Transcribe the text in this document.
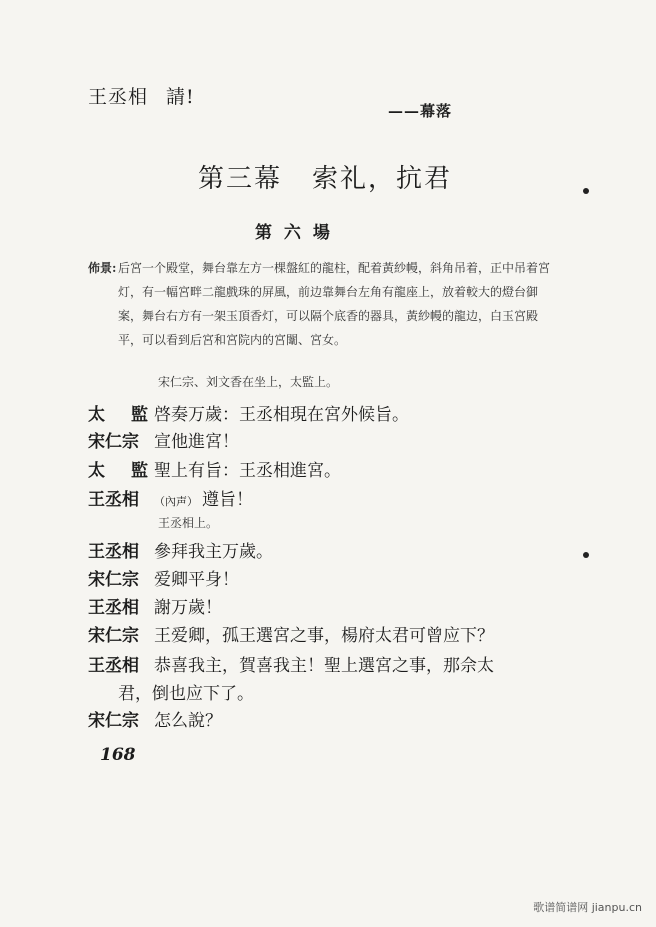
王丞相 請!
——幕落
第三幕 索礼，抗君
第 六 場
佈景: 后宮一个殿堂，舞台靠左方一棵盤紅的龍柱，配着黃紗幔，斜角吊着，正中吊着宮灯，有一幅宮畔二龍戲珠的屏風，前边靠舞台左角有龍座上，放着較大的燈台御案，舞台右方有一架玉頂香灯，可以隔个底香的器具，黃紗幔的龍边，白玉宮殿平，可以看到后宮和宮院内的宮闈、宮女。
宋仁宗、刘文香在坐上，太監上。
太監啓奏万歲：王丞相現在宮外候旨。
宋仁宗 宣他進宮！
太監聖上有旨：王丞相進宮。
王丞相 （內声） 遵旨！
王丞相上。
王丞相 參拜我主万歲。
宋仁宗 爱卿平身！
王丞相 謝万歲！
宋仁宗 王爱卿，孤王選宮之事，楊府太君可曾应下？
王丞相 恭喜我主，賀喜我主！聖上選宮之事，那佘太
君，倒也应下了。
宋仁宗 怎么說？
168
歌谱简谱网 jianpu.cn
